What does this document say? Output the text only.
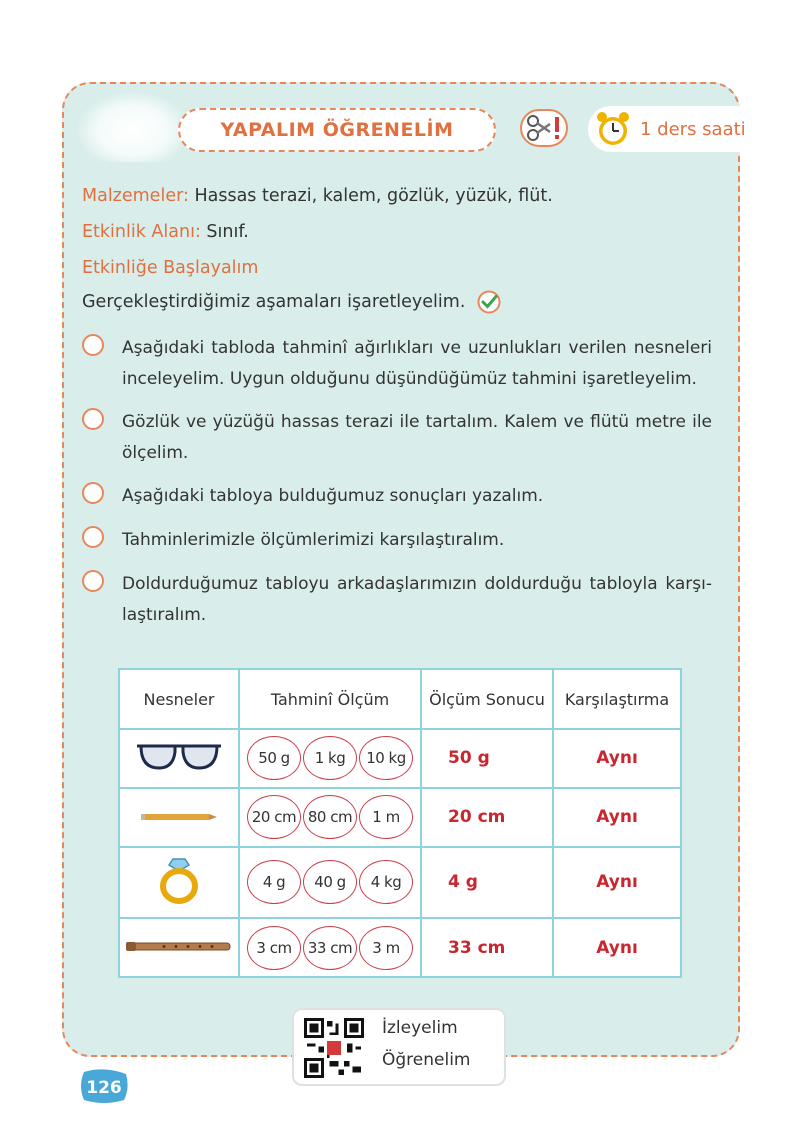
YAPALIM ÖĞRENELİM	1 ders saati
Malzemeler: Hassas terazi, kalem, gözlük, yüzük, flüt.
Etkinlik Alanı: Sınıf.
Etkinliğe Başlayalım
Gerçekleştirdiğimiz aşamaları işaretleyelim.
Aşağıdaki tabloda tahminî ağırlıkları ve uzunlukları verilen nesneleri inceleyelim. Uygun olduğunu düşündüğümüz tahmini işaretleyelim.
Gözlük ve yüzüğü hassas terazi ile tartalım. Kalem ve flütü metre ile ölçelim.
Aşağıdaki tabloya bulduğumuz sonuçları yazalım.
Tahminlerimizle ölçümlerimizi karşılaştıralım.
Doldurduğumuz tabloyu arkadaşlarımızın doldurduğu tabloyla karşılaştıralım.
Nesneler	Tahminî Ölçüm	Ölçüm Sonucu	Karşılaştırma

50 g 1 kg 10 kg	50 g	Aynı

20 cm 80 cm 1 m	20 cm	Aynı

4 g 40 g 4 kg	4 g	Aynı

3 cm 33 cm 3 m	33 cm	Aynı
İzleyelim
Öğrenelim
126
